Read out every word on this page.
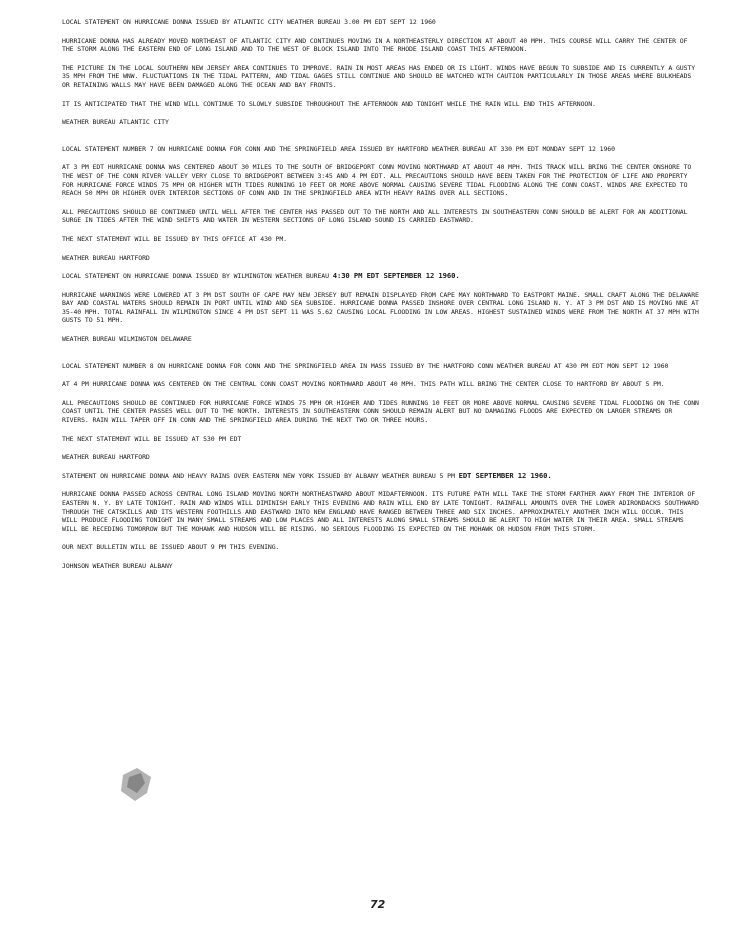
LOCAL STATEMENT ON HURRICANE DONNA ISSUED BY ATLANTIC CITY WEATHER BUREAU 3.00 PM EDT SEPT 12 1960

HURRICANE DONNA HAS ALREADY MOVED NORTHEAST OF ATLANTIC CITY AND CONTINUES MOVING IN A NORTHEASTERLY DIRECTION AT ABOUT 40 MPH. THIS COURSE WILL CARRY THE CENTER OF THE STORM ALONG THE EASTERN END OF LONG ISLAND AND TO THE WEST OF BLOCK ISLAND INTO THE RHODE ISLAND COAST THIS AFTERNOON.

THE PICTURE IN THE LOCAL SOUTHERN NEW JERSEY AREA CONTINUES TO IMPROVE. RAIN IN MOST AREAS HAS ENDED OR IS LIGHT. WINDS HAVE BEGUN TO SUBSIDE AND IS CURRENTLY A GUSTY 35 MPH FROM THE WNW. FLUCTUATIONS IN THE TIDAL PATTERN, AND TIDAL GAGES STILL CONTINUE AND SHOULD BE WATCHED WITH CAUTION PARTICULARLY IN THOSE AREAS WHERE BULKHEADS OR RETAINING WALLS MAY HAVE BEEN DAMAGED ALONG THE OCEAN AND BAY FRONTS.

IT IS ANTICIPATED THAT THE WIND WILL CONTINUE TO SLOWLY SUBSIDE THROUGHOUT THE AFTERNOON AND TONIGHT WHILE THE RAIN WILL END THIS AFTERNOON.

WEATHER BUREAU ATLANTIC CITY

LOCAL STATEMENT NUMBER 7 ON HURRICANE DONNA FOR CONN AND THE SPRINGFIELD AREA ISSUED BY HARTFORD WEATHER BUREAU AT 330 PM EDT MONDAY SEPT 12 1960

AT 3 PM EDT HURRICANE DONNA WAS CENTERED ABOUT 30 MILES TO THE SOUTH OF BRIDGEPORT CONN MOVING NORTHWARD AT ABOUT 40 MPH. THIS TRACK WILL BRING THE CENTER ONSHORE TO THE WEST OF THE CONN RIVER VALLEY VERY CLOSE TO BRIDGEPORT BETWEEN 3:45 AND 4 PM EDT. ALL PRECAUTIONS SHOULD HAVE BEEN TAKEN FOR THE PROTECTION OF LIFE AND PROPERTY FOR HURRICANE FORCE WINDS 75 MPH OR HIGHER WITH TIDES RUNNING 10 FEET OR MORE ABOVE NORMAL CAUSING SEVERE TIDAL FLOODING ALONG THE CONN COAST. WINDS ARE EXPECTED TO REACH 50 MPH OR HIGHER OVER INTERIOR SECTIONS OF CONN AND IN THE SPRINGFIELD AREA WITH HEAVY RAINS OVER ALL SECTIONS.

ALL PRECAUTIONS SHOULD BE CONTINUED UNTIL WELL AFTER THE CENTER HAS PASSED OUT TO THE NORTH AND ALL INTERESTS IN SOUTHEASTERN CONN SHOULD BE ALERT FOR AN ADDITIONAL SURGE IN TIDES AFTER THE WIND SHIFTS AND WATER IN WESTERN SECTIONS OF LONG ISLAND SOUND IS CARRIED EASTWARD.

THE NEXT STATEMENT WILL BE ISSUED BY THIS OFFICE AT 430 PM.

WEATHER BUREAU HARTFORD

LOCAL STATEMENT ON HURRICANE DONNA ISSUED BY WILMINGTON WEATHER BUREAU 4:30 PM EDT SEPTEMBER 12 1960.

HURRICANE WARNINGS WERE LOWERED AT 3 PM DST SOUTH OF CAPE MAY NEW JERSEY BUT REMAIN DISPLAYED FROM CAPE MAY NORTHWARD TO EASTPORT MAINE. SMALL CRAFT ALONG THE DELAWARE BAY AND COASTAL WATERS SHOULD REMAIN IN PORT UNTIL WIND AND SEA SUBSIDE. HURRICANE DONNA PASSED INSHORE OVER CENTRAL LONG ISLAND N. Y. AT 3 PM DST AND IS MOVING NNE AT 35-40 MPH. TOTAL RAINFALL IN WILMINGTON SINCE 4 PM DST SEPT 11 WAS 5.62 CAUSING LOCAL FLOODING IN LOW AREAS. HIGHEST SUSTAINED WINDS WERE FROM THE NORTH AT 37 MPH WITH GUSTS TO 51 MPH.

WEATHER BUREAU WILMINGTON DELAWARE

LOCAL STATEMENT NUMBER 8 ON HURRICANE DONNA FOR CONN AND THE SPRINGFIELD AREA IN MASS ISSUED BY THE HARTFORD CONN WEATHER BUREAU AT 430 PM EDT MON SEPT 12 1960

AT 4 PM HURRICANE DONNA WAS CENTERED ON THE CENTRAL CONN COAST MOVING NORTHWARD ABOUT 40 MPH. THIS PATH WILL BRING THE CENTER CLOSE TO HARTFORD BY ABOUT 5 PM.

ALL PRECAUTIONS SHOULD BE CONTINUED FOR HURRICANE FORCE WINDS 75 MPH OR HIGHER AND TIDES RUNNING 10 FEET OR MORE ABOVE NORMAL CAUSING SEVERE TIDAL FLOODING ON THE CONN COAST UNTIL THE CENTER PASSES WELL OUT TO THE NORTH. INTERESTS IN SOUTHEASTERN CONN SHOULD REMAIN ALERT BUT NO DAMAGING FLOODS ARE EXPECTED ON LARGER STREAMS OR RIVERS. RAIN WILL TAPER OFF IN CONN AND THE SPRINGFIELD AREA DURING THE NEXT TWO OR THREE HOURS.

THE NEXT STATEMENT WILL BE ISSUED AT 530 PM EDT

WEATHER BUREAU HARTFORD

STATEMENT ON HURRICANE DONNA AND HEAVY RAINS OVER EASTERN NEW YORK ISSUED BY ALBANY WEATHER BUREAU 5 PM EDT SEPTEMBER 12 1960.

HURRICANE DONNA PASSED ACROSS CENTRAL LONG ISLAND MOVING NORTH NORTHEASTWARD ABOUT MIDAFTERNOON. ITS FUTURE PATH WILL TAKE THE STORM FARTHER AWAY FROM THE INTERIOR OF EASTERN N. Y. BY LATE TONIGHT. RAIN AND WINDS WILL DIMINISH EARLY THIS EVENING AND RAIN WILL END BY LATE TONIGHT. RAINFALL AMOUNTS OVER THE LOWER ADIRONDACKS SOUTHWARD THROUGH THE CATSKILLS AND ITS WESTERN FOOTHILLS AND EASTWARD INTO NEW ENGLAND HAVE RANGED BETWEEN THREE AND SIX INCHES. APPROXIMATELY ANOTHER INCH WILL OCCUR. THIS WILL PRODUCE FLOODING TONIGHT IN MANY SMALL STREAMS AND LOW PLACES AND ALL INTERESTS ALONG SMALL STREAMS SHOULD BE ALERT TO HIGH WATER IN THEIR AREA. SMALL STREAMS WILL BE RECEDING TOMORROW BUT THE MOHAWK AND HUDSON WILL BE RISING. NO SERIOUS FLOODING IS EXPECTED ON THE MOHAWK OR HUDSON FROM THIS STORM.

OUR NEXT BULLETIN WILL BE ISSUED ABOUT 9 PM THIS EVENING.

JOHNSON WEATHER BUREAU ALBANY

72
